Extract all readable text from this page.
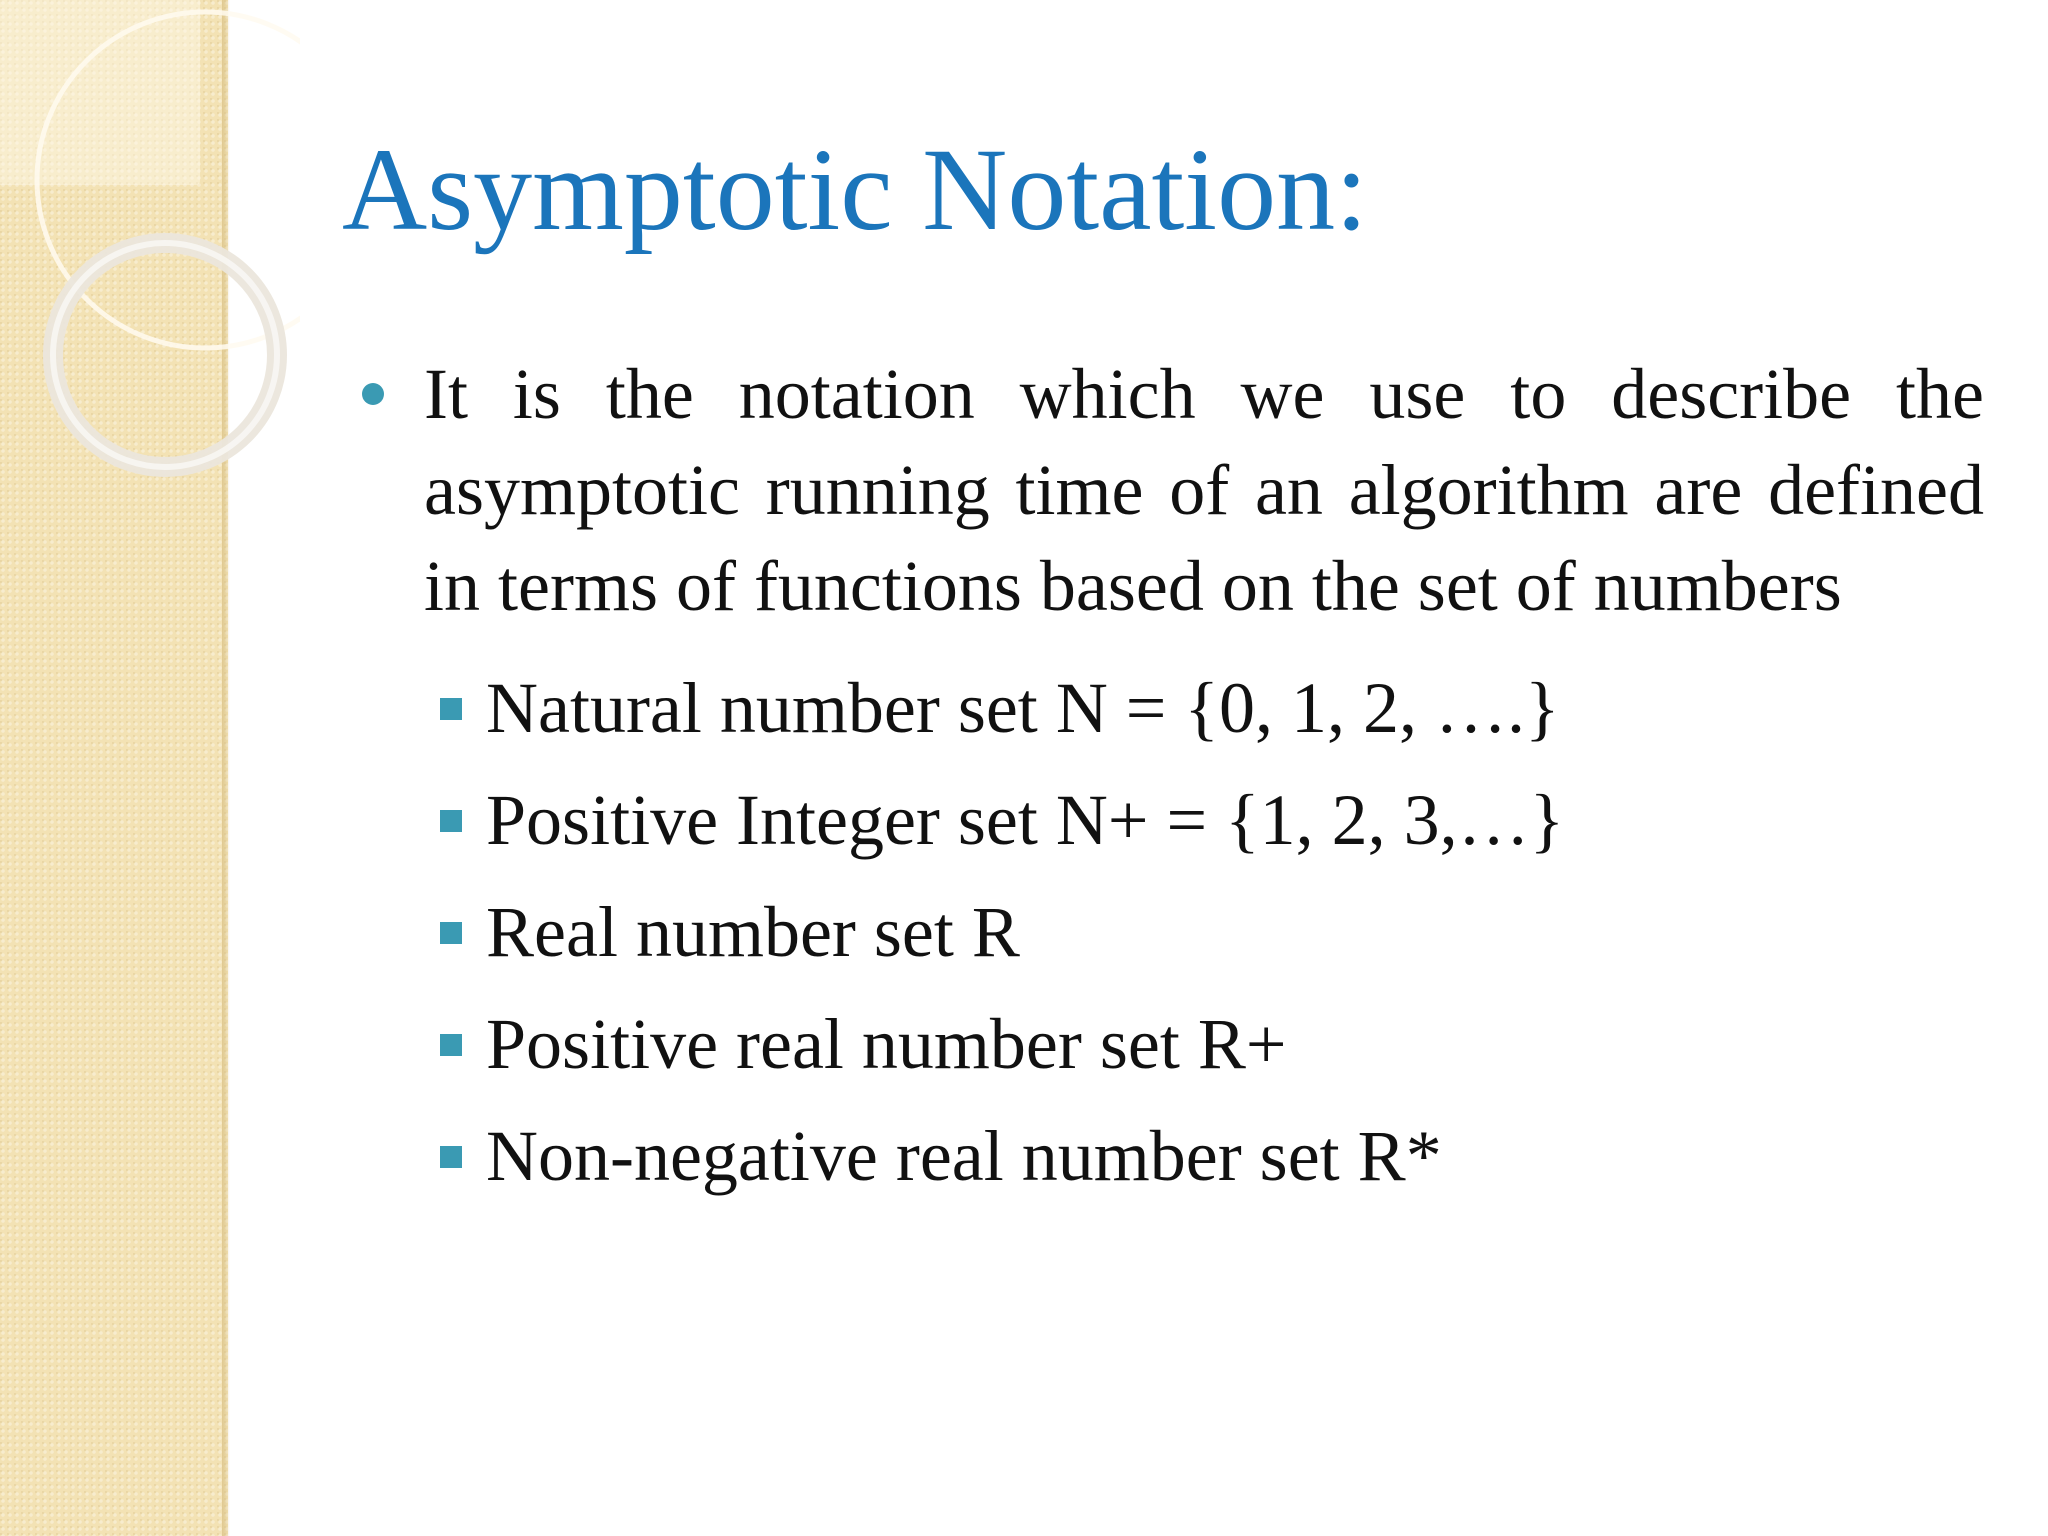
Asymptotic Notation:
It is the notation which we use to describe the asymptotic running time of an algorithm are defined in terms of functions based on the set of numbers
Natural number set N = {0, 1, 2, ….}
Positive Integer set N+ = {1, 2, 3,…}
Real number set R
Positive real number set R+
Non-negative real number set R*
